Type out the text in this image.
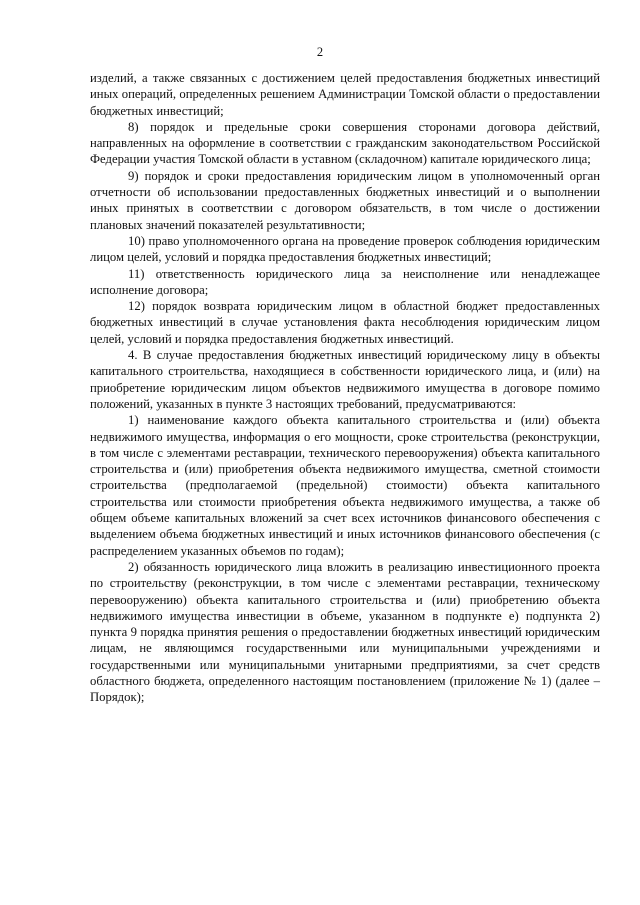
2

изделий, а также связанных с достижением целей предоставления бюджетных инвестиций иных операций, определенных решением Администрации Томской области о предоставлении бюджетных инвестиций;

8) порядок и предельные сроки совершения сторонами договора действий, направленных на оформление в соответствии с гражданским законодательством Российской Федерации участия Томской области в уставном (складочном) капитале юридического лица;

9) порядок и сроки предоставления юридическим лицом в уполномоченный орган отчетности об использовании предоставленных бюджетных инвестиций и о выполнении иных принятых в соответствии с договором обязательств, в том числе о достижении плановых значений показателей результативности;

10) право уполномоченного органа на проведение проверок соблюдения юридическим лицом целей, условий и порядка предоставления бюджетных инвестиций;

11) ответственность юридического лица за неисполнение или ненадлежащее исполнение договора;

12) порядок возврата юридическим лицом в областной бюджет предоставленных бюджетных инвестиций в случае установления факта несоблюдения юридическим лицом целей, условий и порядка предоставления бюджетных инвестиций.

4. В случае предоставления бюджетных инвестиций юридическому лицу в объекты капитального строительства, находящиеся в собственности юридического лица, и (или) на приобретение юридическим лицом объектов недвижимого имущества в договоре помимо положений, указанных в пункте 3 настоящих требований, предусматриваются:

1) наименование каждого объекта капитального строительства и (или) объекта недвижимого имущества, информация о его мощности, сроке строительства (реконструкции, в том числе с элементами реставрации, технического перевооружения) объекта капитального строительства и (или) приобретения объекта недвижимого имущества, сметной стоимости строительства (предполагаемой (предельной) стоимости) объекта капитального строительства или стоимости приобретения объекта недвижимого имущества, а также об общем объеме капитальных вложений за счет всех источников финансового обеспечения с выделением объема бюджетных инвестиций и иных источников финансового обеспечения (с распределением указанных объемов по годам);

2) обязанность юридического лица вложить в реализацию инвестиционного проекта по строительству (реконструкции, в том числе с элементами реставрации, техническому перевооружению) объекта капитального строительства и (или) приобретению объекта недвижимого имущества инвестиции в объеме, указанном в подпункте е) подпункта 2) пункта 9 порядка принятия решения о предоставлении бюджетных инвестиций юридическим лицам, не являющимся государственными или муниципальными учреждениями и государственными или муниципальными унитарными предприятиями, за счет средств областного бюджета, определенного настоящим постановлением (приложение № 1) (далее – Порядок);
